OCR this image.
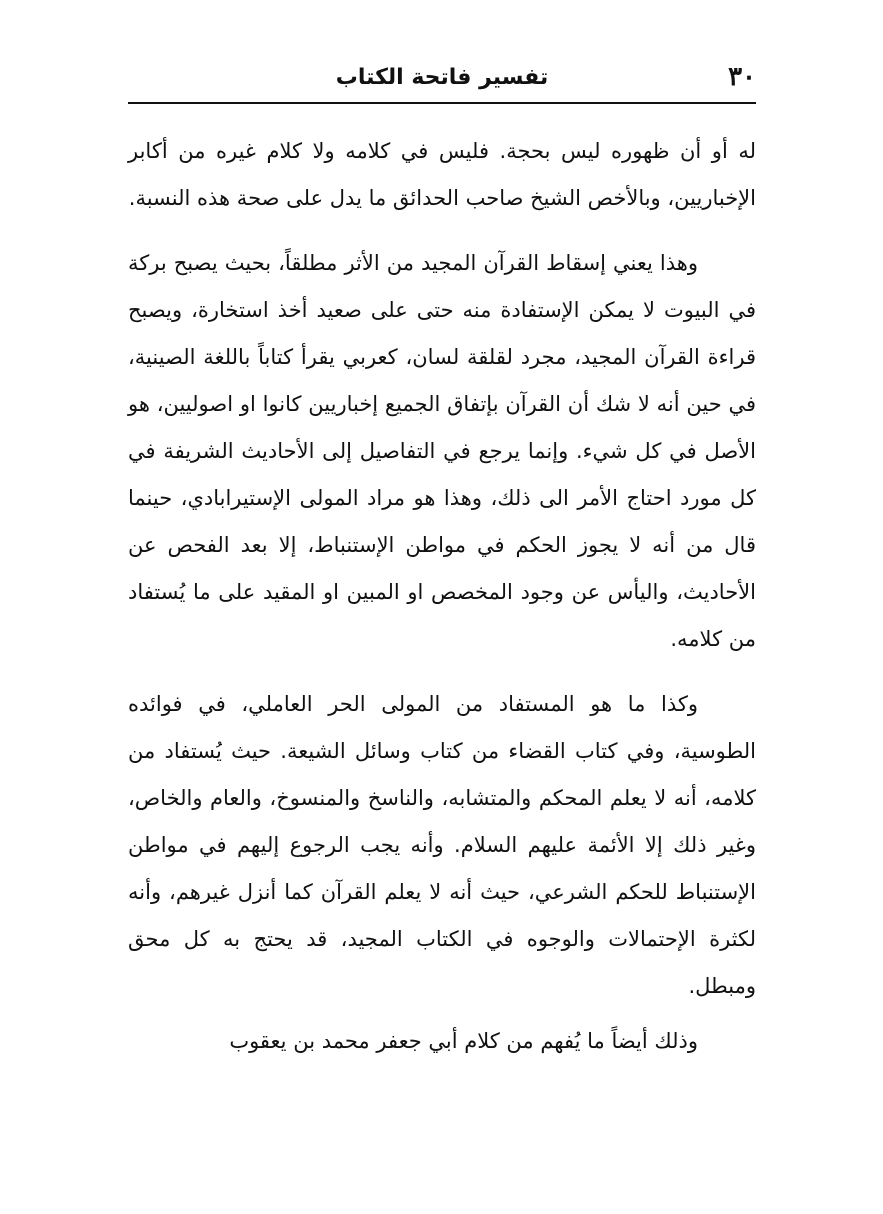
٣٠
تفسير فاتحة الكتاب

له أو أن ظهوره ليس بحجة. فليس في كلامه ولا كلام غيره من أكابر الإخباريين، وبالأخص الشيخ صاحب الحدائق ما يدل على صحة هذه النسبة.

وهذا يعني إسقاط القرآن المجيد من الأثر مطلقاً، بحيث يصبح بركة في البيوت لا يمكن الإستفادة منه حتى على صعيد أخذ استخارة، ويصبح قراءة القرآن المجيد، مجرد لقلقة لسان، كعربي يقرأ كتاباً باللغة الصينية، في حين أنه لا شك أن القرآن بإتفاق الجميع إخباريين كانوا او اصوليين، هو الأصل في كل شيء. وإنما يرجع في التفاصيل إلى الأحاديث الشريفة في كل مورد احتاج الأمر الى ذلك، وهذا هو مراد المولى الإستيرابادي، حينما قال من أنه لا يجوز الحكم في مواطن الإستنباط، إلا بعد الفحص عن الأحاديث، واليأس عن وجود المخصص او المبين او المقيد على ما يُستفاد من كلامه.

وكذا ما هو المستفاد من المولى الحر العاملي، في فوائده الطوسية، وفي كتاب القضاء من كتاب وسائل الشيعة. حيث يُستفاد من كلامه، أنه لا يعلم المحكم والمتشابه، والناسخ والمنسوخ، والعام والخاص، وغير ذلك إلا الأئمة عليهم السلام. وأنه يجب الرجوع إليهم في مواطن الإستنباط للحكم الشرعي، حيث أنه لا يعلم القرآن كما أنزل غيرهم، وأنه لكثرة الإحتمالات والوجوه في الكتاب المجيد، قد يحتج به كل محق ومبطل.

وذلك أيضاً ما يُفهم من كلام أبي جعفر محمد بن يعقوب
